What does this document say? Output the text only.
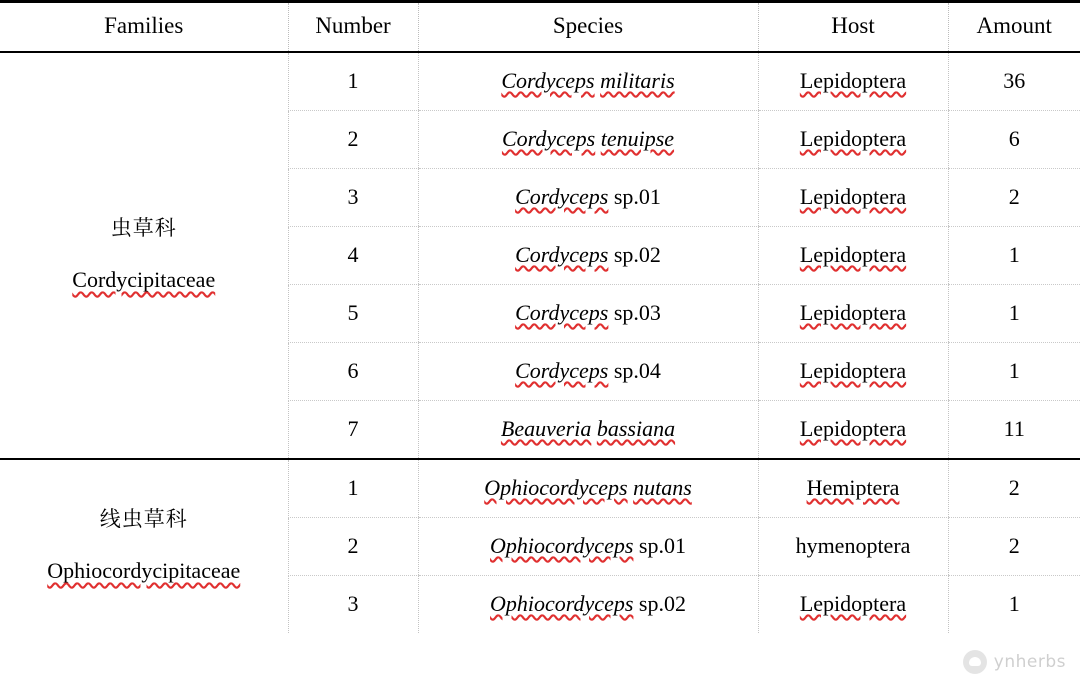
Families	Number	Species	Host	Amount

虫草科
Cordycipitaceae	1	Cordyceps militaris	Lepidoptera	36
	2	Cordyceps tenuipse	Lepidoptera	6
	3	Cordyceps sp.01	Lepidoptera	2
	4	Cordyceps sp.02	Lepidoptera	1
	5	Cordyceps sp.03	Lepidoptera	1
	6	Cordyceps sp.04	Lepidoptera	1
	7	Beauveria bassiana	Lepidoptera	11

线虫草科
Ophiocordycipitaceae	1	Ophiocordyceps nutans	Hemiptera	2
	2	Ophiocordyceps sp.01	hymenoptera	2
	3	Ophiocordyceps sp.02	Lepidoptera	1
ynherbs
